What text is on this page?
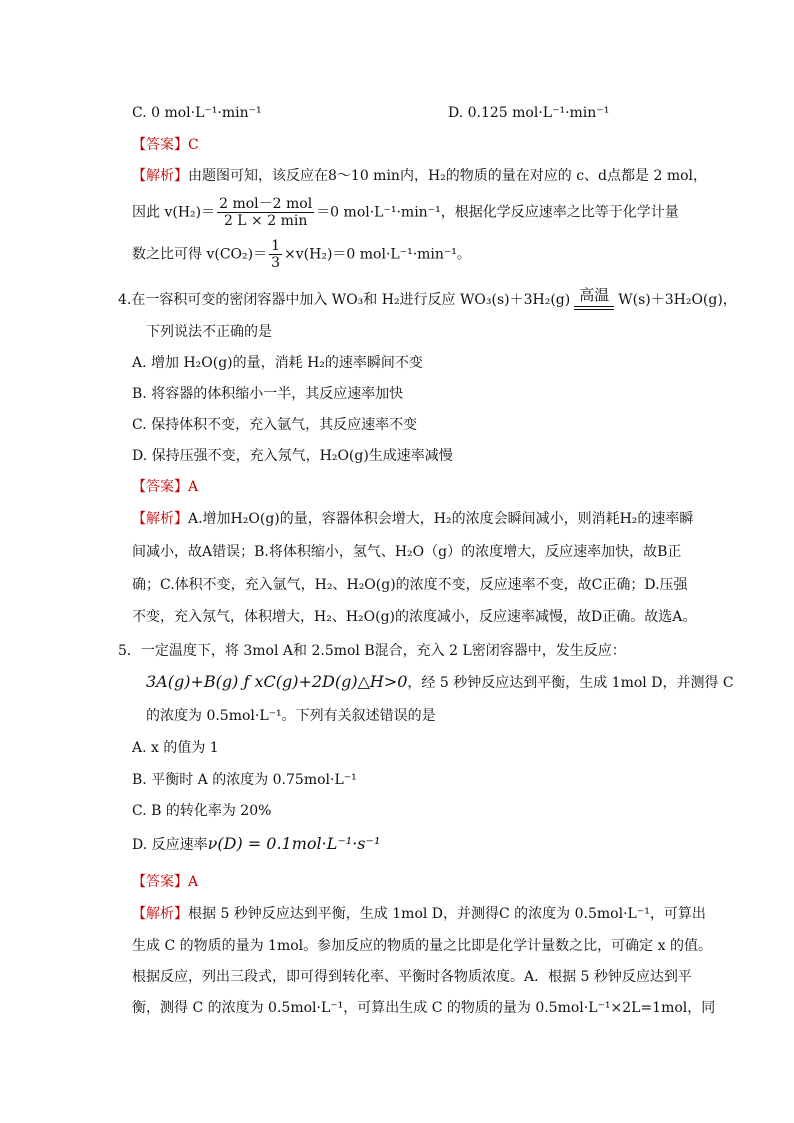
C. 0 mol·L⁻¹·min⁻¹	D. 0.125 mol·L⁻¹·min⁻¹
【答案】C
【解析】由题图可知，该反应在8～10 min内，H₂的物质的量在对应的 c、d点都是 2 mol，
因此 $v(H_2)= \frac{\text{2 mol－2 mol}}{2 L \times 2 \min} =0$ mol·L⁻¹·min⁻¹，根据化学反应速率之比等于化学计量
数之比可得 $v(CO_2)= \frac{1}{3} \times v(H_2)=0$ mol·L⁻¹·min⁻¹。
4.在一容积可变的密闭容器中加入 WO₃和 H₂进行反应 WO₃(s)＋3H₂(g) 高温 W(s)＋3H₂O(g)，
下列说法不正确的是
A. 增加 H₂O(g)的量，消耗 H₂的速率瞬间不变
B. 将容器的体积缩小一半，其反应速率加快
C. 保持体积不变，充入氩气，其反应速率不变
D. 保持压强不变，充入氖气，H₂O(g)生成速率减慢
【答案】A
【解析】A.增加H₂O(g)的量，容器体积会增大，H₂的浓度会瞬间减小，则消耗H₂的速率瞬
间减小，故A错误；B.将体积缩小，氢气、H₂O（g）的浓度增大，反应速率加快，故B正
确；C.体积不变，充入氩气，H₂、H₂O(g)的浓度不变，反应速率不变，故C正确；D.压强
不变，充入氖气，体积增大，H₂、H₂O(g)的浓度减小，反应速率减慢，故D正确。故选A。
5．一定温度下，将 3mol A和 2.5mol B混合，充入 2 L密闭容器中，发生反应：
3A(g)+B(g) ƒ xC(g)+2D(g)△H>0，经 5 秒钟反应达到平衡，生成 1mol D，并测得 C
的浓度为 0.5mol·L⁻¹。下列有关叙述错误的是
A. x 的值为 1
B. 平衡时 A 的浓度为 0.75mol·L⁻¹
C. B 的转化率为 20%
D. 反应速率ν(D) = 0.1mol·L⁻¹·s⁻¹
【答案】A
【解析】根据 5 秒钟反应达到平衡，生成 1mol D，并测得C 的浓度为 0.5mol·L⁻¹，可算出
生成 C 的物质的量为 1mol。参加反应的物质的量之比即是化学计量数之比，可确定 x 的值。
根据反应，列出三段式，即可得到转化率、平衡时各物质浓度。A．根据 5 秒钟反应达到平
衡，测得 C 的浓度为 0.5mol·L⁻¹，可算出生成 C 的物质的量为 0.5mol·L⁻¹×2L=1mol，同
